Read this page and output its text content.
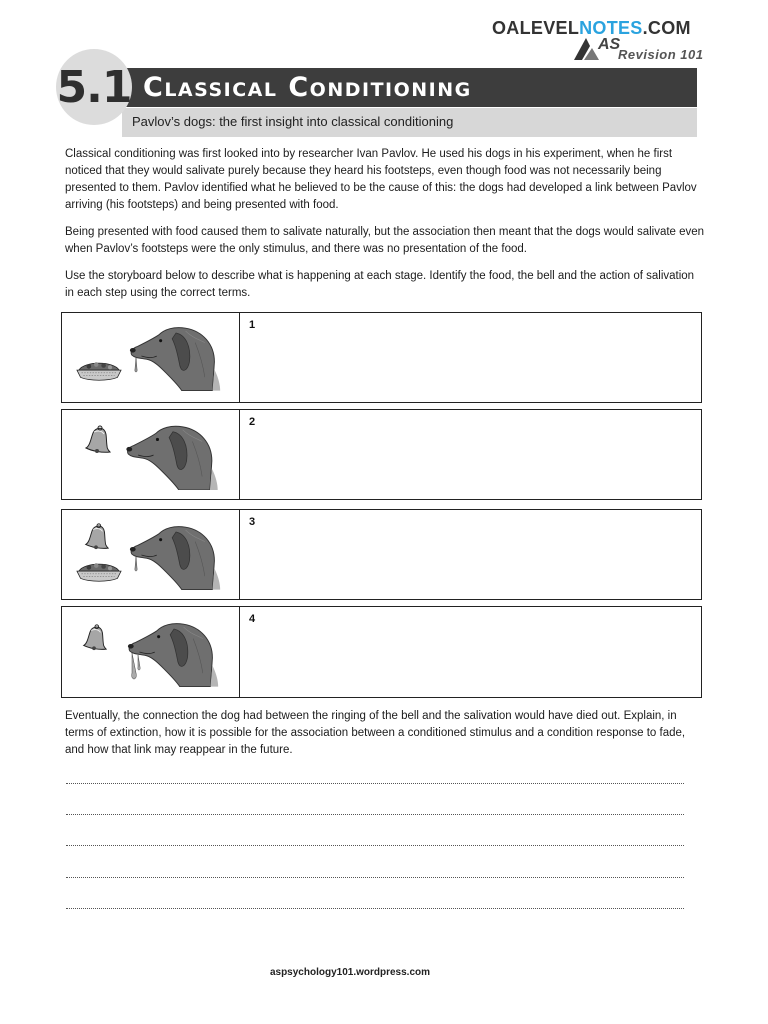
OALEVELNOTES.COM
AS
Revision 101
Classical Conditioning
Pavlov’s dogs: the first insight into classical conditioning
5.1

Classical conditioning was first looked into by researcher Ivan Pavlov. He used his dogs in his experiment, when he first noticed that they would salivate purely because they heard his footsteps, even though food was not necessarily being presented to them. Pavlov identified what he believed to be the cause of this: the dogs had developed a link between Pavlov arriving (his footsteps) and being presented with food.

Being presented with food caused them to salivate naturally, but the association then meant that the dogs would salivate even when Pavlov’s footsteps were the only stimulus, and there was no presentation of the food.

Use the storyboard below to describe what is happening at each stage. Identify the food, the bell and the action of salivation in each step using the correct terms.

1
2
3
4

Eventually, the connection the dog had between the ringing of the bell and the salivation would have died out. Explain, in terms of extinction, how it is possible for the association between a conditioned stimulus and a condition response to fade, and how that link may reappear in the future.

aspsychology101.wordpress.com
